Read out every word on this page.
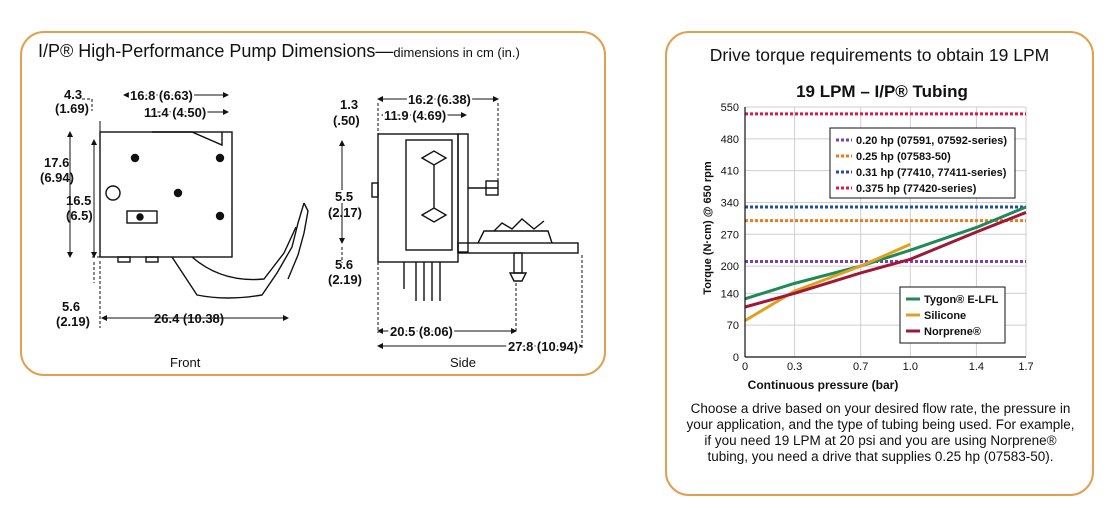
I/P® High-Performance Pump Dimensions—dimensions in cm (in.)
4.3
(1.69)
16.8 (6.63)
11.4 (4.50)
17.6
(6.94)
16.5
(6.5)
5.6
(2.19)	26.4 (10.38)
Front
1.3
(.50)
16.2 (6.38)
11.9 (4.69)
5.5
(2.17)
5.6
(2.19)
20.5 (8.06)
27.8 (10.94)
Side
Drive torque requirements to obtain 19 LPM
19 LPM – I/P® Tubing
0
70
140
200
270
340
410
480
550
0	0.3	0.7	1.0	1.4	1.7
0.20 hp (07591, 07592-series)
0.25 hp (07583-50)
0.31 hp (77410, 77411-series)
0.375 hp (77420-series)
Tygon® E-LFL
Silicone
Norprene®
Continuous pressure (bar)
Torque (N·cm) @ 650 rpm
Choose a drive based on your desired flow rate, the pressure in your application, and the type of tubing being used. For example, if you need 19 LPM at 20 psi and you are using Norprene® tubing, you need a drive that supplies 0.25 hp (07583-50).
